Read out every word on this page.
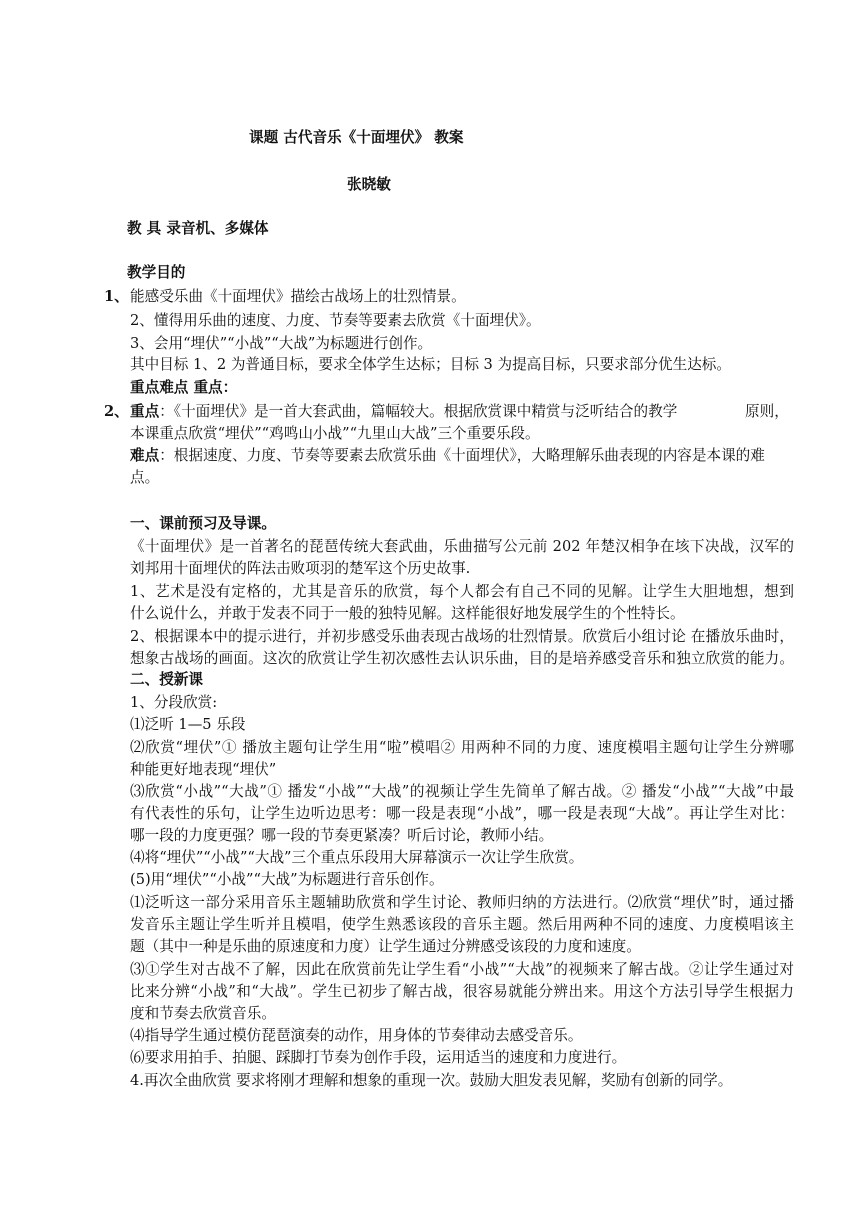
课题 古代音乐《十面埋伏》 教案
张晓敏
教 具 录音机、多媒体
教学目的
1、 能感受乐曲《十面埋伏》描绘古战场上的壮烈情景。
2、懂得用乐曲的速度、力度、节奏等要素去欣赏《十面埋伏》。
3、会用“埋伏”“小战”“大战”为标题进行创作。
其中目标 1、2 为普通目标，要求全体学生达标；目标 3 为提高目标，只要求部分优生达标。
重点难点 重点：
2、 重点：《十面埋伏》是一首大套武曲，篇幅较大。根据欣赏课中精赏与泛听结合的教学	原则，
本课重点欣赏“埋伏”“鸡鸣山小战”“九里山大战”三个重要乐段。
难点：根据速度、力度、节奏等要素去欣赏乐曲《十面埋伏》，大略理解乐曲表现的内容是本课的难
点。
一、课前预习及导课。
《十面埋伏》是一首著名的琵琶传统大套武曲，乐曲描写公元前 202 年楚汉相争在垓下决战，汉军的
刘邦用十面埋伏的阵法击败项羽的楚军这个历史故事.
1、艺术是没有定格的，尤其是音乐的欣赏，每个人都会有自己不同的见解。让学生大胆地想，想到
什么说什么，并敢于发表不同于一般的独特见解。这样能很好地发展学生的个性特长。
2、根据课本中的提示进行，并初步感受乐曲表现古战场的壮烈情景。欣赏后小组讨论 在播放乐曲时，
想象古战场的画面。这次的欣赏让学生初次感性去认识乐曲，目的是培养感受音乐和独立欣赏的能力。
二、授新课
1、分段欣赏:
⑴泛听 1—5 乐段
⑵欣赏“埋伏”① 播放主题句让学生用“啦”模唱② 用两种不同的力度、速度模唱主题句让学生分辨哪
种能更好地表现“埋伏”
⑶欣赏“小战”“大战”① 播发“小战”“大战”的视频让学生先简单了解古战。② 播发“小战”“大战”中最
有代表性的乐句，让学生边听边思考：哪一段是表现“小战”，哪一段是表现“大战”。再让学生对比：
哪一段的力度更强？哪一段的节奏更紧凑？听后讨论，教师小结。
⑷将“埋伏”“小战”“大战”三个重点乐段用大屏幕演示一次让学生欣赏。
(5)用“埋伏”“小战”“大战”为标题进行音乐创作。
⑴泛听这一部分采用音乐主题辅助欣赏和学生讨论、教师归纳的方法进行。⑵欣赏“埋伏”时，通过播
发音乐主题让学生听并且模唱，使学生熟悉该段的音乐主题。然后用两种不同的速度、力度模唱该主
题（其中一种是乐曲的原速度和力度）让学生通过分辨感受该段的力度和速度。
⑶①学生对古战不了解，因此在欣赏前先让学生看“小战”“大战”的视频来了解古战。②让学生通过对
比来分辨“小战”和“大战”。学生已初步了解古战，很容易就能分辨出来。用这个方法引导学生根据力
度和节奏去欣赏音乐。
⑷指导学生通过模仿琵琶演奏的动作，用身体的节奏律动去感受音乐。
⑹要求用拍手、拍腿、踩脚打节奏为创作手段，运用适当的速度和力度进行。
4.再次全曲欣赏 要求将刚才理解和想象的重现一次。鼓励大胆发表见解，奖励有创新的同学。
